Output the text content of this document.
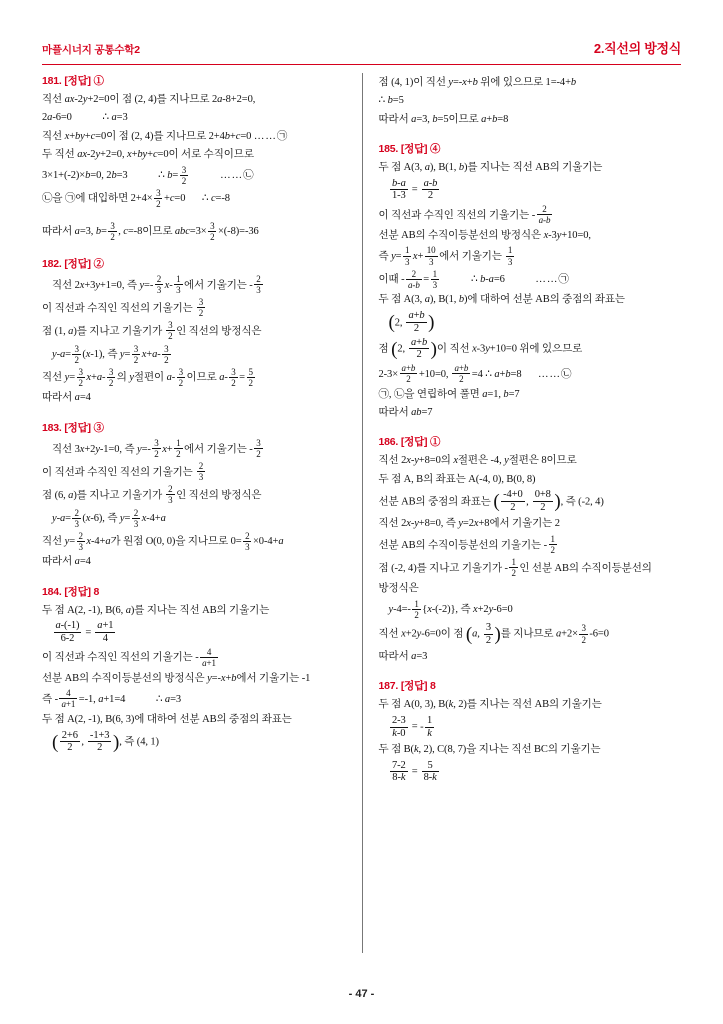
마플시너지 공통수학2	2.직선의 방정식
181. [정답] ①
직선 ax-2y+2=0이 점 (2, 4)를 지나므로 2a-8+2=0,
2a-6=0	∴ a=3
직선 x+by+c=0이 점 (2, 4)를 지나므로 2+4b+c=0 ……㉠
두 직선 ax-2y+2=0, x+by+c=0이 서로 수직이므로
3×1+(-2)×b=0, 2b=3	∴ $b= \frac{3}{2}$	……㉡
㉡을 ㉠에 대입하면 $2+4\times \frac{3}{2} +c=0$ ∴ c=-8
따라서 a=3, $b= \frac{3}{2}$ , c=-8이므로 $abc=3\times \frac{3}{2} \times(-8)=-36$
182. [정답] ②
직선 2x+3y+1=0, 즉 $y=- \frac{2}{3} x- \frac{1}{3}$ 에서 기울기는 - $\frac{2}{3}$
이 직선과 수직인 직선의 기울기는 $\frac{3}{2}$
점 (1, a)를 지나고 기울기가 $\frac{3}{2}$ 인 직선의 방정식은
$y-a= \frac{3}{2} (x-1)$, 즉 $y= \frac{3}{2} x+a- \frac{3}{2}$
직선 $y= \frac{3}{2} x+a- \frac{3}{2}$ 의 y절편이 $a- \frac{3}{2}$ 이므로 $a- \frac{3}{2} = \frac{5}{2}$
따라서 a=4
183. [정답] ③
직선 3x+2y-1=0, 즉 $y=- \frac{3}{2} x+ \frac{1}{2}$ 에서 기울기는 - $\frac{3}{2}$
이 직선과 수직인 직선의 기울기는 $\frac{2}{3}$
점 (6, a)를 지나고 기울기가 $\frac{2}{3}$ 인 직선의 방정식은
$y-a= \frac{2}{3} (x-6)$, 즉 $y= \frac{2}{3} x-4+a$
직선 $y= \frac{2}{3} x-4+a$가 원점 O(0, 0)을 지나므로 $0= \frac{2}{3} \times 0-4+a$
따라서 a=4
184. [정답] 8
두 점 A(2, -1), B(6, a)를 지나는 직선 AB의 기울기는
$\frac{a-(-1)}{6-2} = \frac{a+1}{4}$
이 직선과 수직인 직선의 기울기는 - $\frac{4}{a+1}$
선분 AB의 수직이등분선의 방정식은 y=-x+b에서 기울기는 -1
즉 - $\frac{4}{a+1} =-1$, a+1=4	∴ a=3
두 점 A(2, -1), B(6, 3)에 대하여 선분 AB의 중점의 좌표는
( $\frac{2+6}{2}$ , $\frac{-1+3}{2}$ ), 즉 (4, 1)
점 (4, 1)이 직선 y=-x+b 위에 있으므로 1=-4+b
∴ b=5
따라서 a=3, b=5이므로 a+b=8
185. [정답] ④
두 점 A(3, a), B(1, b)를 지나는 직선 AB의 기울기는
$\frac{b-a}{1-3} = \frac{a-b}{2}$
이 직선과 수직인 직선의 기울기는 - $\frac{2}{a-b}$
선분 AB의 수직이등분선의 방정식은 x-3y+10=0,
즉 $y= \frac{1}{3} x+ \frac{10}{3}$ 에서 기울기는 $\frac{1}{3}$
이때 - $\frac{2}{a-b} = \frac{1}{3}$	∴ b-a=6	……㉠
두 점 A(3, a), B(1, b)에 대하여 선분 AB의 중점의 좌표는
(2, $\frac{a+b}{2}$ )
점 (2, $\frac{a+b}{2}$ )이 직선 x-3y+10=0 위에 있으므로
$2-3\times \frac{a+b}{2} +10=0$, $\frac{a+b}{2} =4$ ∴ a+b=8 ……㉡
㉠, ㉡을 연립하여 풀면 a=1, b=7
따라서 ab=7
186. [정답] ①
직선 2x-y+8=0의 x절편은 -4, y절편은 8이므로
두 점 A, B의 좌표는 A(-4, 0), B(0, 8)
선분 AB의 중점의 좌표는 ( $\frac{-4+0}{2}$ , $\frac{0+8}{2}$ ), 즉 (-2, 4)
직선 2x-y+8=0, 즉 y=2x+8에서 기울기는 2
선분 AB의 수직이등분선의 기울기는 - $\frac{1}{2}$
점 (-2, 4)를 지나고 기울기가 - $\frac{1}{2}$ 인 선분 AB의 수직이등분선의
방정식은
$y-4=- \frac{1}{2} \{x-(-2)\}$, 즉 x+2y-6=0
직선 x+2y-6=0이 점 (a, $\frac{3}{2}$ )를 지나므로 $a+2\times \frac{3}{2} -6=0$
따라서 a=3
187. [정답] 8
두 점 A(0, 3), B(k, 2)를 지나는 직선 AB의 기울기는
$\frac{2-3}{k-0}$ = - $\frac{1}{k}$
두 점 B(k, 2), C(8, 7)을 지나는 직선 BC의 기울기는
$\frac{7-2}{8-k} = \frac{5}{8-k}$
- 47 -
